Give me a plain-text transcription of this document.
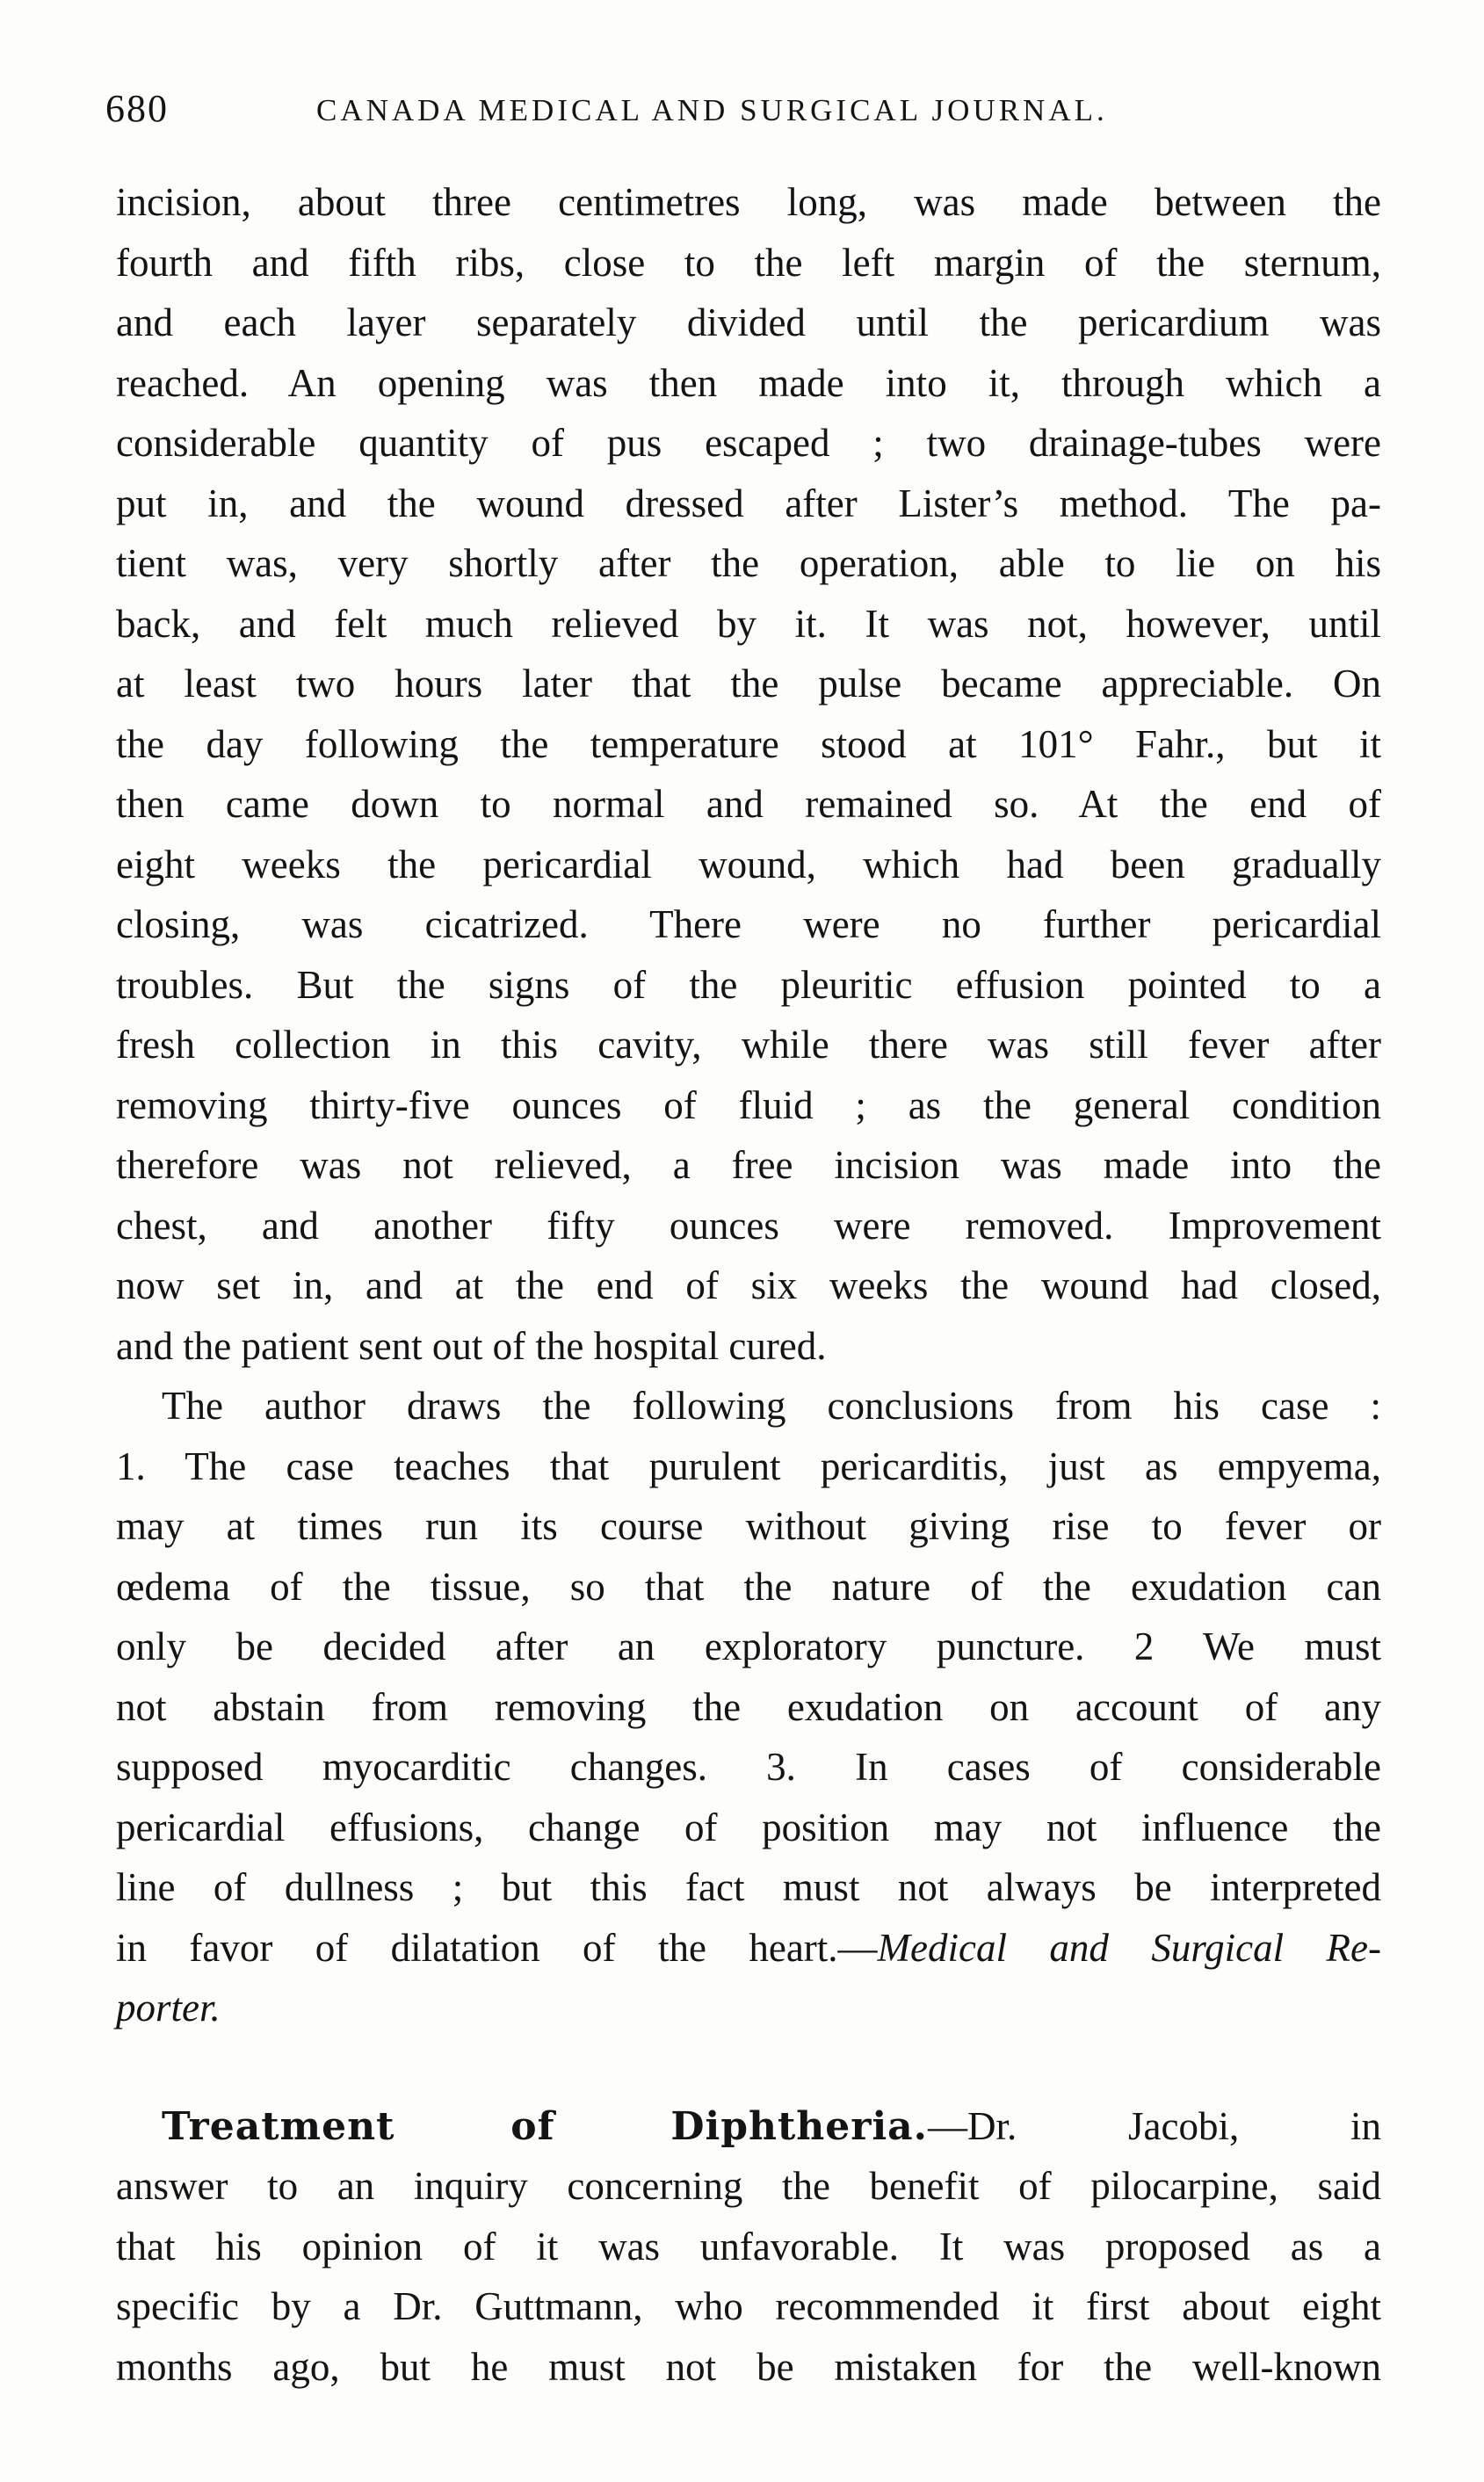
680	CANADA MEDICAL AND SURGICAL JOURNAL.
incision, about three centimetres long, was made between the
fourth and fifth ribs, close to the left margin of the sternum,
and each layer separately divided until the pericardium was
reached. An opening was then made into it, through which a
considerable quantity of pus escaped ; two drainage-tubes were
put in, and the wound dressed after Lister’s method. The pa-
tient was, very shortly after the operation, able to lie on his
back, and felt much relieved by it. It was not, however, until
at least two hours later that the pulse became appreciable. On
the day following the temperature stood at 101° Fahr., but it
then came down to normal and remained so. At the end of
eight weeks the pericardial wound, which had been gradually
closing, was cicatrized. There were no further pericardial
troubles. But the signs of the pleuritic effusion pointed to a
fresh collection in this cavity, while there was still fever after
removing thirty-five ounces of fluid ; as the general condition
therefore was not relieved, a free incision was made into the
chest, and another fifty ounces were removed. Improvement
now set in, and at the end of six weeks the wound had closed,
and the patient sent out of the hospital cured.
The author draws the following conclusions from his case :
1. The case teaches that purulent pericarditis, just as empyema,
may at times run its course without giving rise to fever or
œdema of the tissue, so that the nature of the exudation can
only be decided after an exploratory puncture. 2 We must
not abstain from removing the exudation on account of any
supposed myocarditic changes. 3. In cases of considerable
pericardial effusions, change of position may not influence the
line of dullness ; but this fact must not always be interpreted
in favor of dilatation of the heart.—Medical and Surgical Re-
porter.
Treatment of Diphtheria.—Dr. Jacobi, in
answer to an inquiry concerning the benefit of pilocarpine, said
that his opinion of it was unfavorable. It was proposed as a
specific by a Dr. Guttmann, who recommended it first about eight
months ago, but he must not be mistaken for the well-known
